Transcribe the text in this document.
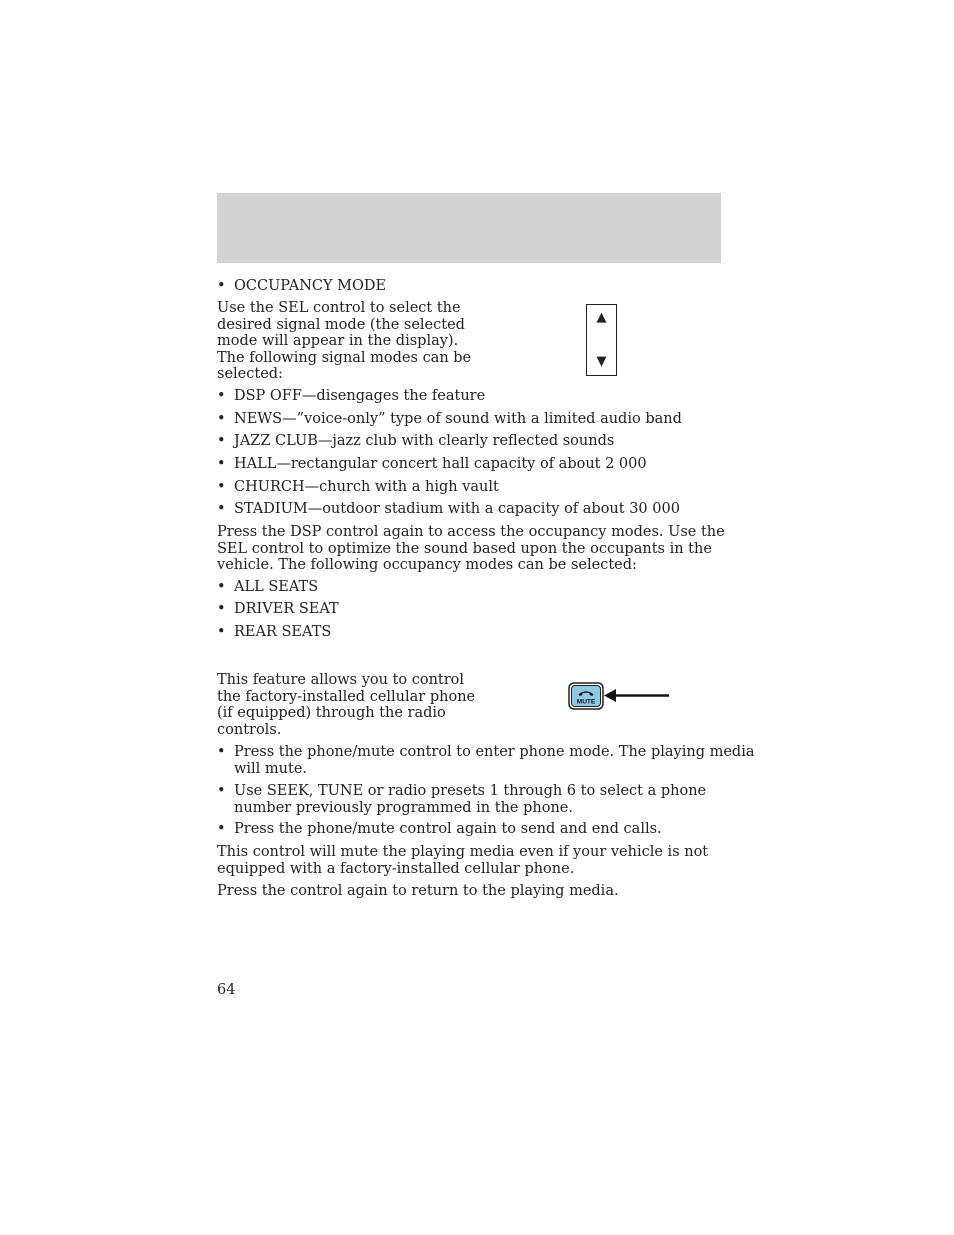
• OCCUPANCY MODE
Use the SEL control to select the
desired signal mode (the selected
mode will appear in the display).
The following signal modes can be
selected:
▲
▼
• DSP OFF—disengages the feature
• NEWS—”voice-only” type of sound with a limited audio band
• JAZZ CLUB—jazz club with clearly reflected sounds
• HALL—rectangular concert hall capacity of about 2 000
• CHURCH—church with a high vault
• STADIUM—outdoor stadium with a capacity of about 30 000
Press the DSP control again to access the occupancy modes. Use the
SEL control to optimize the sound based upon the occupants in the
vehicle. The following occupancy modes can be selected:
• ALL SEATS
• DRIVER SEAT
• REAR SEATS
This feature allows you to control
the factory-installed cellular phone
(if equipped) through the radio
controls.
MUTE
• Press the phone/mute control to enter phone mode. The playing media
will mute.
• Use SEEK, TUNE or radio presets 1 through 6 to select a phone
number previously programmed in the phone.
• Press the phone/mute control again to send and end calls.
This control will mute the playing media even if your vehicle is not
equipped with a factory-installed cellular phone.
Press the control again to return to the playing media.
64
